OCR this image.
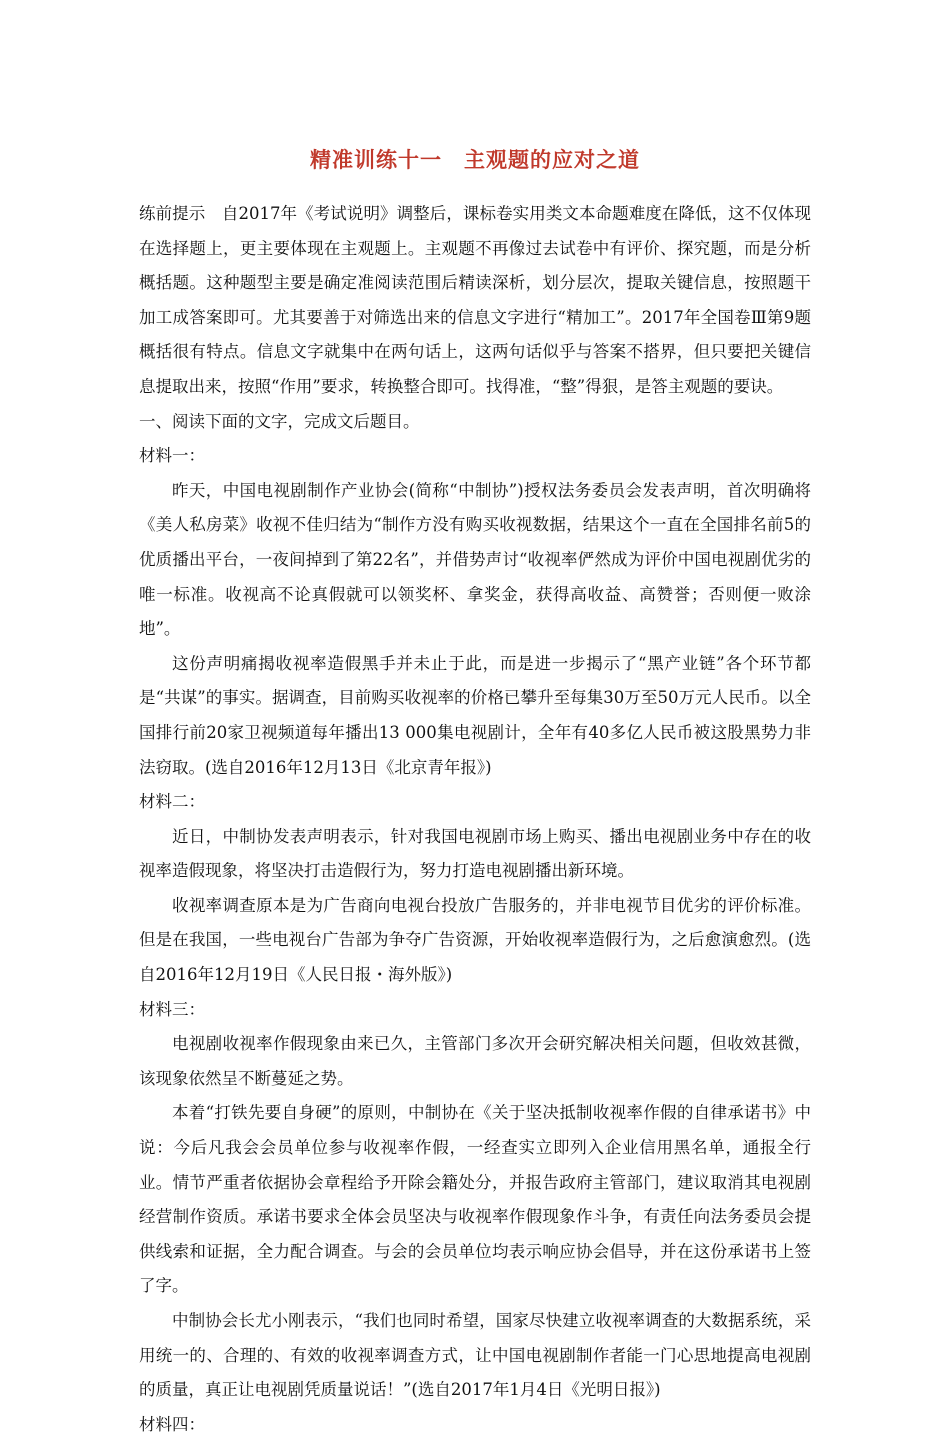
精准训练十一　主观题的应对之道

练前提示　自2017年《考试说明》调整后，课标卷实用类文本命题难度在降低，这不仅体现在选择题上，更主要体现在主观题上。主观题不再像过去试卷中有评价、探究题，而是分析概括题。这种题型主要是确定准阅读范围后精读深析，划分层次，提取关键信息，按照题干加工成答案即可。尤其要善于对筛选出来的信息文字进行“精加工”。2017年全国卷Ⅲ第9题概括很有特点。信息文字就集中在两句话上，这两句话似乎与答案不搭界，但只要把关键信息提取出来，按照“作用”要求，转换整合即可。找得准，“整”得狠，是答主观题的要诀。

一、阅读下面的文字，完成文后题目。

材料一：

昨天，中国电视剧制作产业协会(简称“中制协”)授权法务委员会发表声明，首次明确将《美人私房菜》收视不佳归结为“制作方没有购买收视数据，结果这个一直在全国排名前5的优质播出平台，一夜间掉到了第22名”，并借势声讨“收视率俨然成为评价中国电视剧优劣的唯一标准。收视高不论真假就可以领奖杯、拿奖金，获得高收益、高赞誉；否则便一败涂地”。

这份声明痛揭收视率造假黑手并未止于此，而是进一步揭示了“黑产业链”各个环节都是“共谋”的事实。据调查，目前购买收视率的价格已攀升至每集30万至50万元人民币。以全国排行前20家卫视频道每年播出13 000集电视剧计，全年有40多亿人民币被这股黑势力非法窃取。(选自2016年12月13日《北京青年报》)

材料二：

近日，中制协发表声明表示，针对我国电视剧市场上购买、播出电视剧业务中存在的收视率造假现象，将坚决打击造假行为，努力打造电视剧播出新环境。

收视率调查原本是为广告商向电视台投放广告服务的，并非电视节目优劣的评价标准。但是在我国，一些电视台广告部为争夺广告资源，开始收视率造假行为，之后愈演愈烈。(选自2016年12月19日《人民日报・海外版》)

材料三：

电视剧收视率作假现象由来已久，主管部门多次开会研究解决相关问题，但收效甚微，该现象依然呈不断蔓延之势。

本着“打铁先要自身硬”的原则，中制协在《关于坚决抵制收视率作假的自律承诺书》中说：今后凡我会会员单位参与收视率作假，一经查实立即列入企业信用黑名单，通报全行业。情节严重者依据协会章程给予开除会籍处分，并报告政府主管部门，建议取消其电视剧经营制作资质。承诺书要求全体会员坚决与收视率作假现象作斗争，有责任向法务委员会提供线索和证据，全力配合调查。与会的会员单位均表示响应协会倡导，并在这份承诺书上签了字。

中制协会长尤小刚表示，“我们也同时希望，国家尽快建立收视率调查的大数据系统，采用统一的、合理的、有效的收视率调查方式，让中国电视剧制作者能一门心思地提高电视剧的质量，真正让电视剧凭质量说话！”(选自2017年1月4日《光明日报》)

材料四：
